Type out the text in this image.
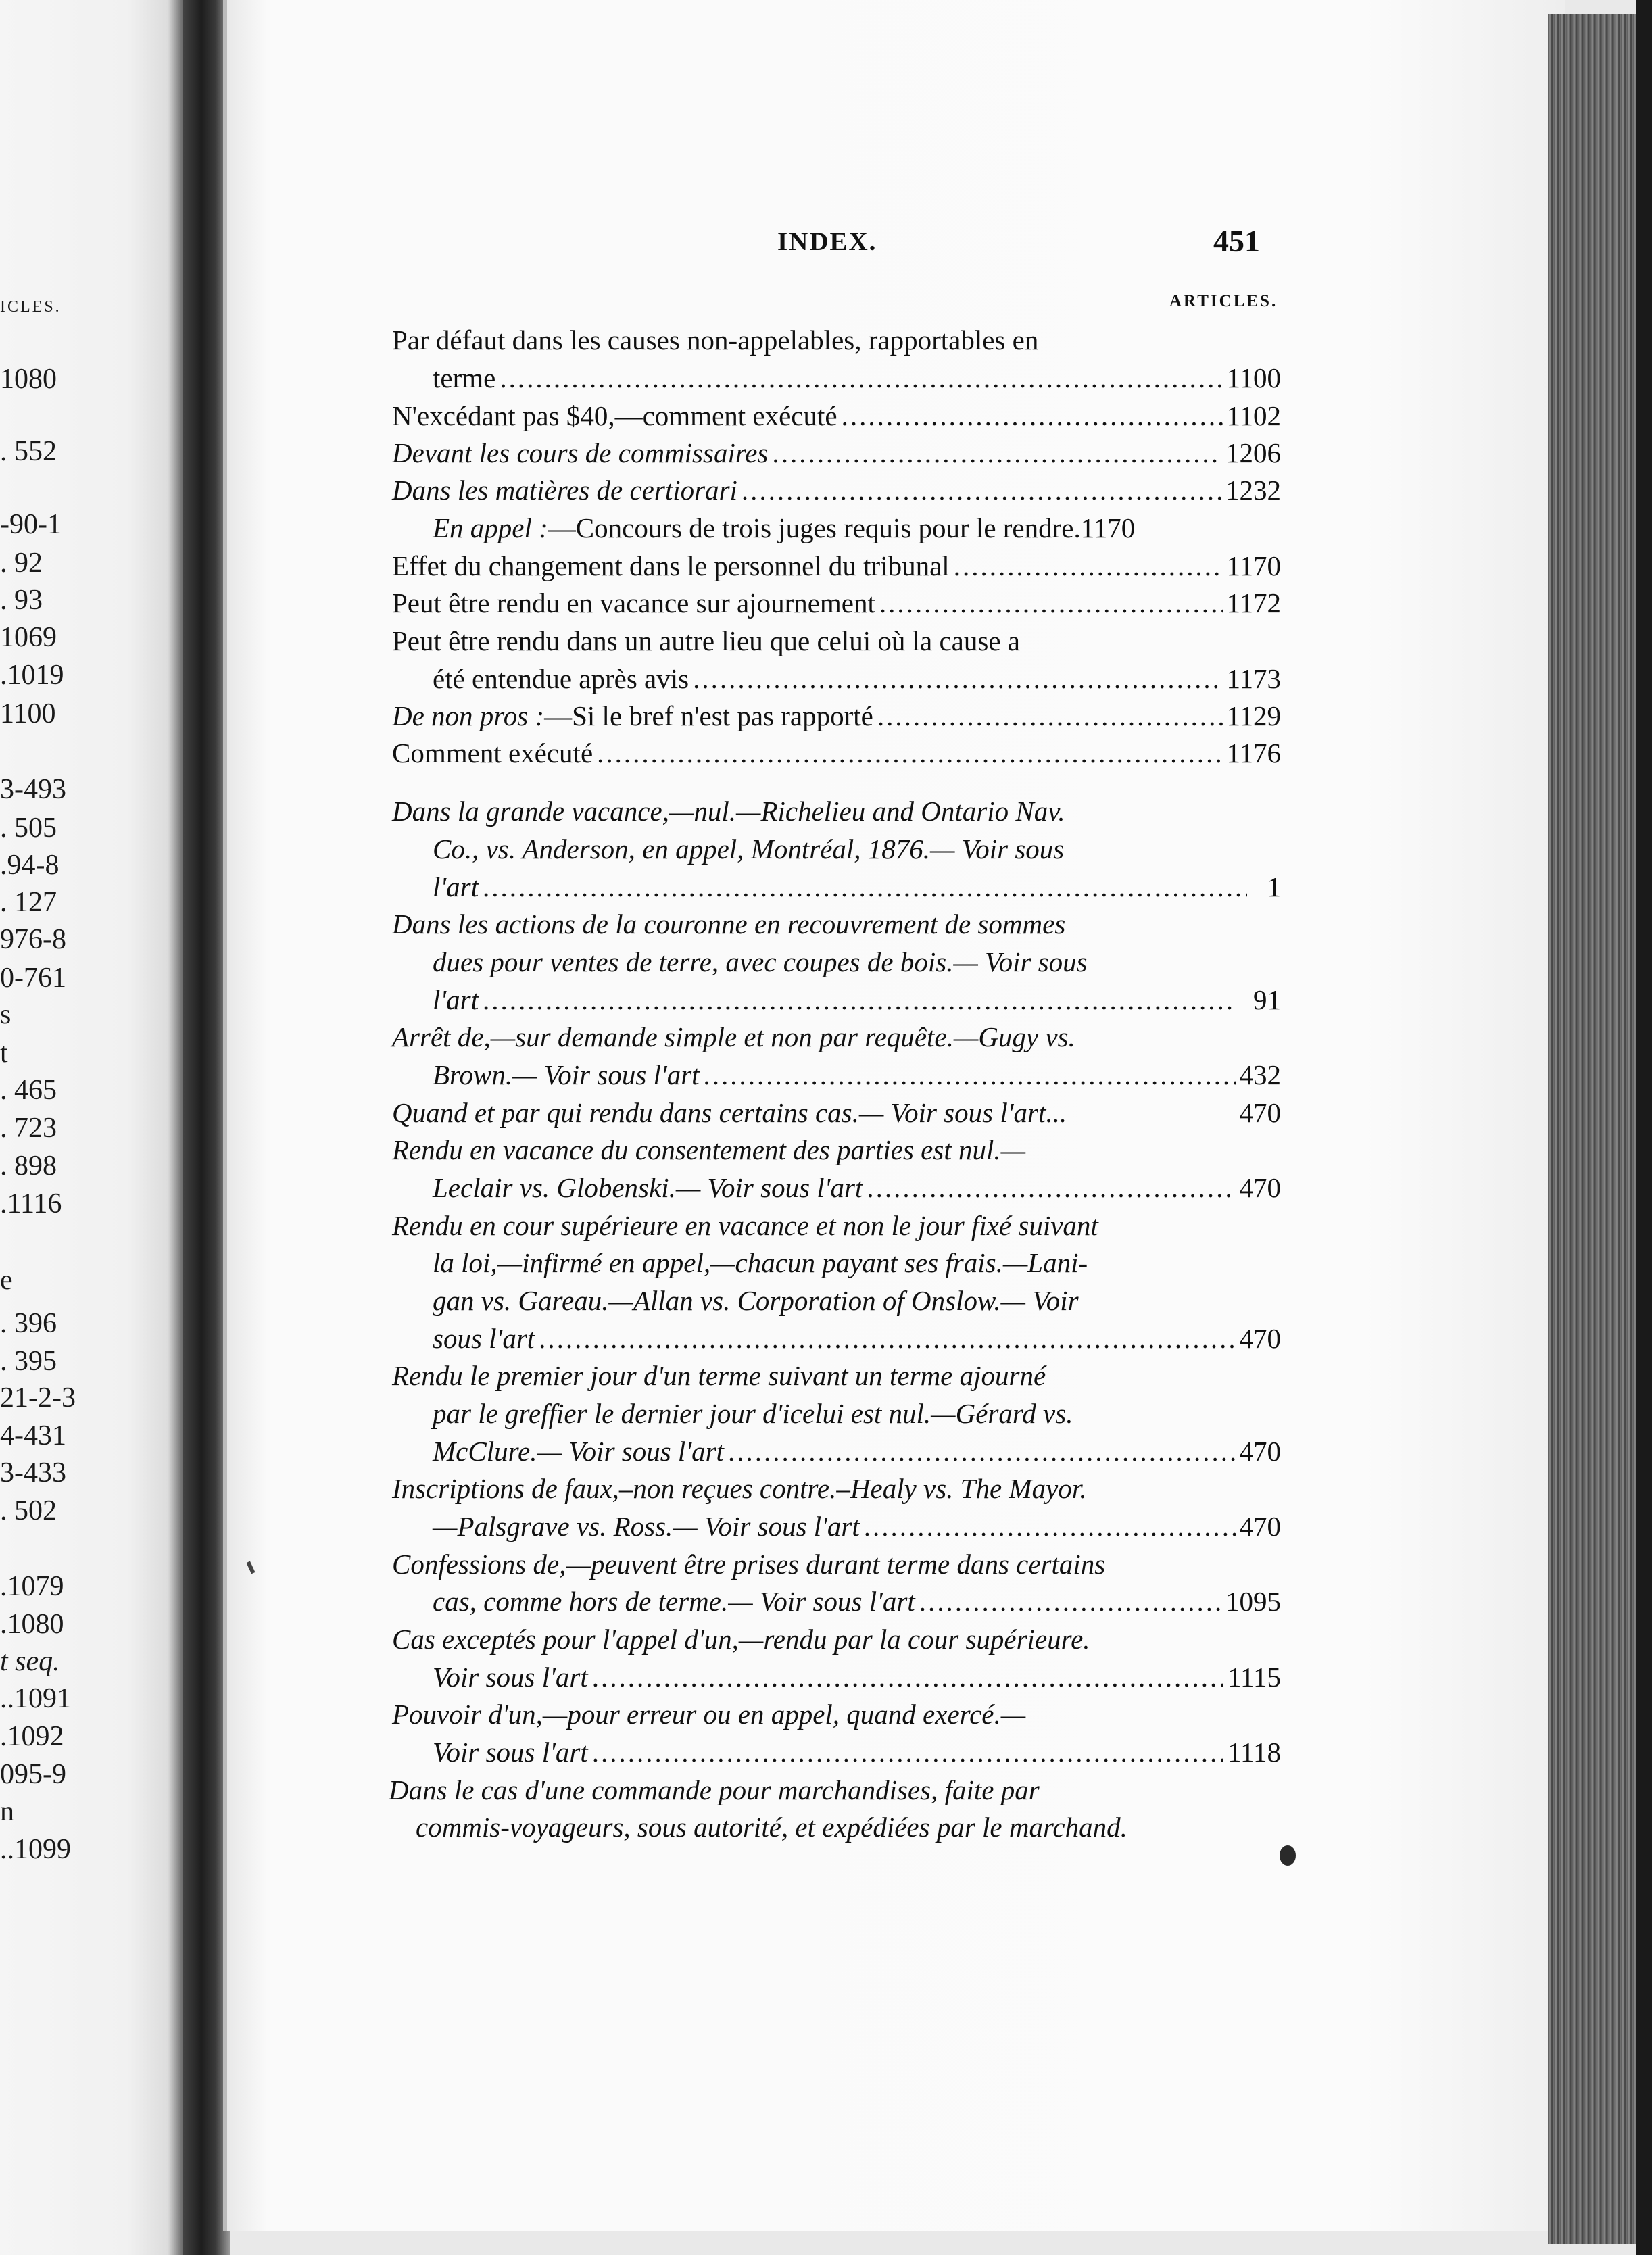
ICLES.
1080
. 552
-90-1
. 92
. 93
1069
.1019
1100
3-493
. 505
.94-8
. 127
976-8
0-761
s
t
. 465
. 723
. 898
.1116
e
. 396
. 395
21-2-3
4-431
3-433
. 502
.1079
.1080
t seq.
..1091
.1092
095-9
n
..1099
INDEX.	451
ARTICLES.
Par défaut dans les causes non-appelables, rapportables en
terme .....	1100
N'excédant pas $40,—comment exécuté .....	1102
Devant les cours de commissaires .....	1206
Dans les matières de certiorari .....	1232
En appel :—Concours de trois juges requis pour le rendre.1170
Effet du changement dans le personnel du tribunal .....	1170
Peut être rendu en vacance sur ajournement .....	1172
Peut être rendu dans un autre lieu que celui où la cause a
été entendue après avis .....	1173
De non pros :—Si le bref n'est pas rapporté .....	1129
Comment exécuté .....	1176
Dans la grande vacance,—nul.—Richelieu and Ontario Nav.
Co., vs. Anderson, en appel, Montréal, 1876.— Voir sous
l'art .....	1
Dans les actions de la couronne en recouvrement de sommes
dues pour ventes de terre, avec coupes de bois.— Voir sous
l'art .....	91
Arrêt de,—sur demande simple et non par requête.—Gugy vs.
Brown.— Voir sous l'art .....	432
Quand et par qui rendu dans certains cas.— Voir sous l'art...	470
Rendu en vacance du consentement des parties est nul.—
Leclair vs. Globenski.— Voir sous l'art .....	470
Rendu en cour supérieure en vacance et non le jour fixé suivant
la loi,—infirmé en appel,—chacun payant ses frais.—Lani-
gan vs. Gareau.—Allan vs. Corporation of Onslow.— Voir
sous l'art .....	470
Rendu le premier jour d'un terme suivant un terme ajourné
par le greffier le dernier jour d'icelui est nul.—Gérard vs.
McClure.— Voir sous l'art .....	470
Inscriptions de faux,–non reçues contre.–Healy vs. The Mayor.
—Palsgrave vs. Ross.— Voir sous l'art .....	470
Confessions de,—peuvent être prises durant terme dans certains
cas, comme hors de terme.— Voir sous l'art .....	1095
Cas exceptés pour l'appel d'un,—rendu par la cour supérieure.
Voir sous l'art .....	1115
Pouvoir d'un,—pour erreur ou en appel, quand exercé.—
Voir sous l'art .....	1118
Dans le cas d'une commande pour marchandises, faite par
commis-voyageurs, sous autorité, et expédiées par le marchand.
